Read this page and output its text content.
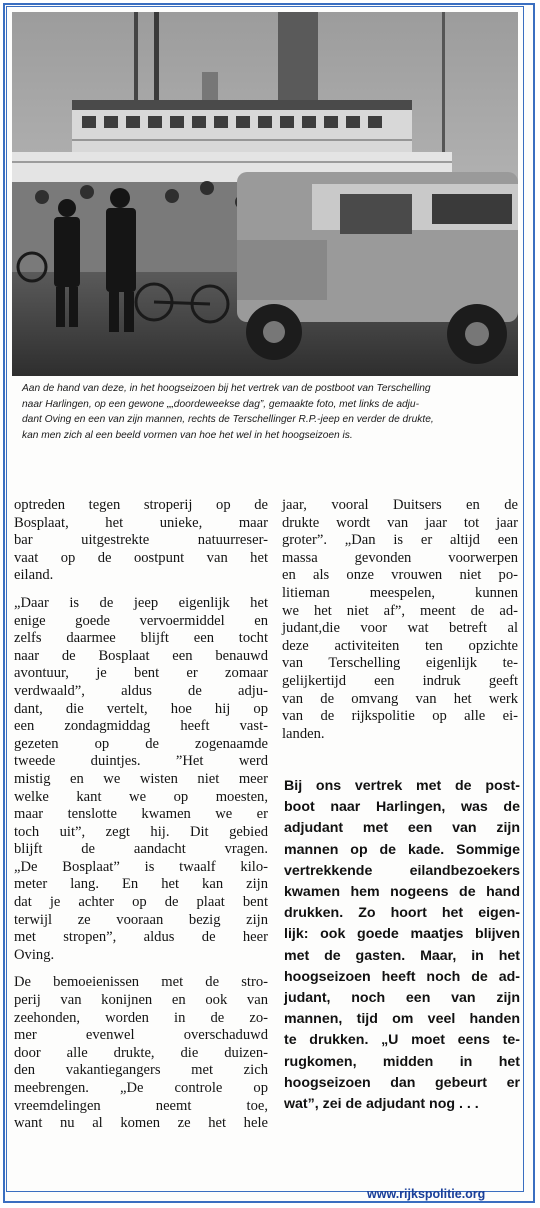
Aan de hand van deze, in het hoogseizoen bij het vertrek van de postboot van Terschelling
naar Harlingen, op een gewone „„doordeweekse dag”, gemaakte foto, met links de adju-
dant Oving en een van zijn mannen, rechts de Terschellinger R.P.-jeep en verder de drukte,
kan men zich al een beeld vormen van hoe het wel in het hoogseizoen is.
optreden tegen stroperij op de
Bosplaat, het unieke, maar
bar uitgestrekte natuurreser-
vaat op de oostpunt van het
eiland.
„Daar is de jeep eigenlijk het
enige goede vervoermiddel en
zelfs daarmee blijft een tocht
naar de Bosplaat een benauwd
avontuur, je bent er zomaar
verdwaald”, aldus de adju-
dant, die vertelt, hoe hij op
een zondagmiddag heeft vast-
gezeten op de zogenaamde
tweede duintjes. ”Het werd
mistig en we wisten niet meer
welke kant we op moesten,
maar tenslotte kwamen we er
toch uit”, zegt hij. Dit gebied
blijft de aandacht vragen.
„De Bosplaat” is twaalf kilo-
meter lang. En het kan zijn
dat je achter op de plaat bent
terwijl ze vooraan bezig zijn
met stropen”, aldus de heer
Oving.
De bemoeienissen met de stro-
perij van konijnen en ook van
zeehonden, worden in de zo-
mer evenwel overschaduwd
door alle drukte, die duizen-
den vakantiegangers met zich
meebrengen. „De controle op
vreemdelingen neemt toe,
want nu al komen ze het hele
jaar, vooral Duitsers en de
drukte wordt van jaar tot jaar
groter”. „Dan is er altijd een
massa gevonden voorwerpen
en als onze vrouwen niet po-
litieman meespelen, kunnen
we het niet af”, meent de ad-
judant,die voor wat betreft al
deze activiteiten ten opzichte
van Terschelling eigenlijk te-
gelijkertijd een indruk geeft
van de omvang van het werk
van de rijkspolitie op alle ei-
landen.
Bij ons vertrek met de post-
boot naar Harlingen, was de
adjudant met een van zijn
mannen op de kade. Sommige
vertrekkende eilandbezoekers
kwamen hem nogeens de hand
drukken. Zo hoort het eigen-
lijk: ook goede maatjes blijven
met de gasten. Maar, in het
hoogseizoen heeft noch de ad-
judant, noch een van zijn
mannen, tijd om veel handen
te drukken. „U moet eens te-
rugkomen, midden in het
hoogseizoen dan gebeurt er
wat”, zei de adjudant nog . . .
www.rijkspolitie.org
